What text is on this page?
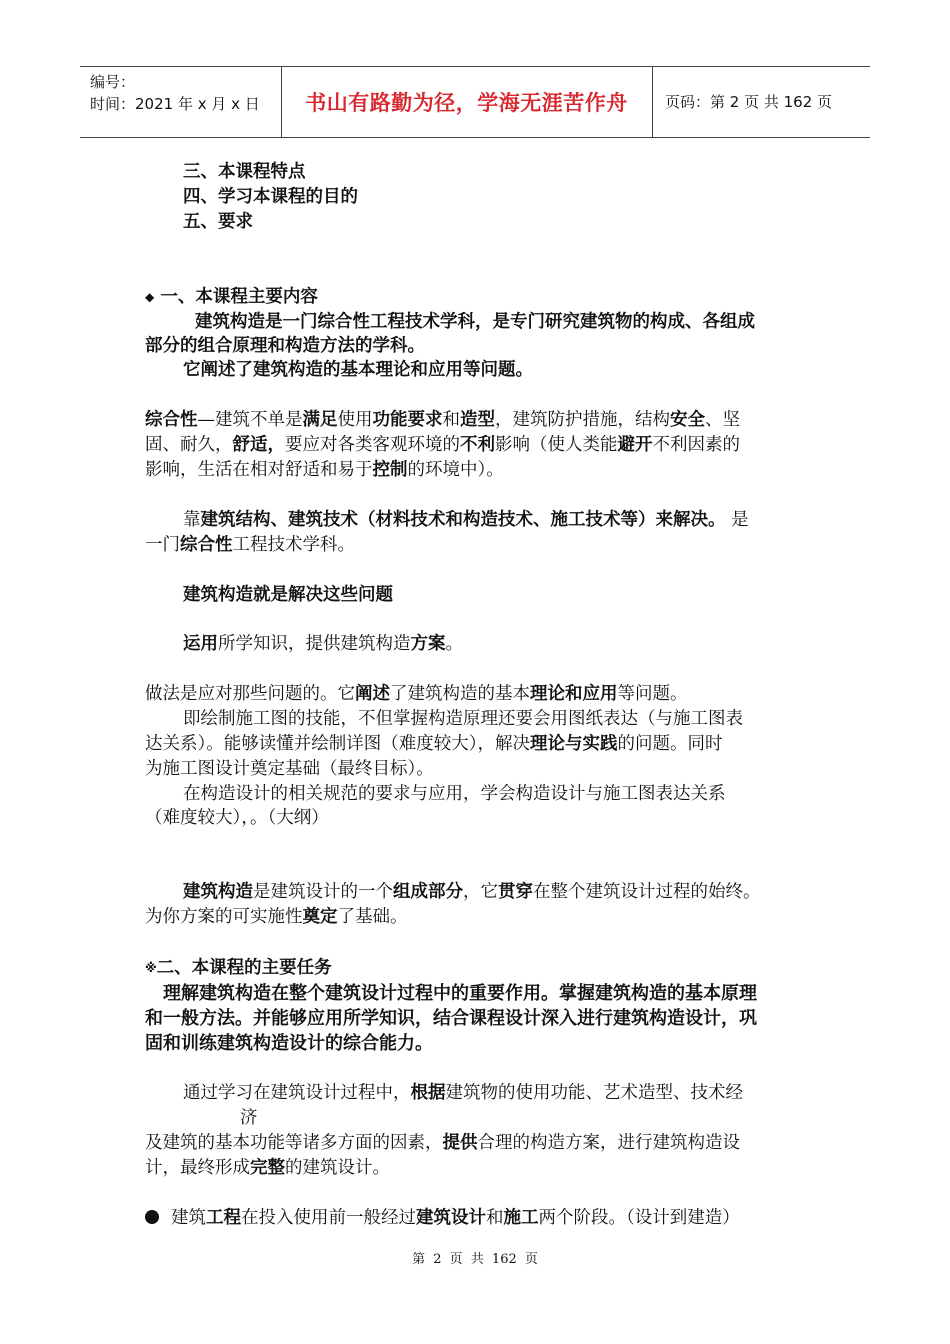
编号：
时间：2021 年 x 月 x 日	书山有路勤为径，学海无涯苦作舟	页码：第 2 页 共 162 页
三、本课程特点
四、学习本课程的目的
五、要求
◆ 一、本课程主要内容
建筑构造是一门综合性工程技术学科，是专门研究建筑物的构成、各组成
部分的组合原理和构造方法的学科。
它阐述了建筑构造的基本理论和应用等问题。
综合性—建筑不单是满足使用功能要求和造型，建筑防护措施，结构安全、坚
固、耐久，舒适，要应对各类客观环境的不利影响（使人类能避开不利因素的
影响，生活在相对舒适和易于控制的环境中）。
靠建筑结构、建筑技术（材料技术和构造技术、施工技术等）来解决。 是
一门综合性工程技术学科。
建筑构造就是解决这些问题
运用所学知识，提供建筑构造方案。
做法是应对那些问题的。它阐述了建筑构造的基本理论和应用等问题。
即绘制施工图的技能，不但掌握构造原理还要会用图纸表达（与施工图表
达关系）。能够读懂并绘制详图（难度较大），解决理论与实践的问题。同时
为施工图设计奠定基础（最终目标）。
在构造设计的相关规范的要求与应用，学会构造设计与施工图表达关系
（难度较大），。（大纲）
建筑构造是建筑设计的一个组成部分，它贯穿在整个建筑设计过程的始终。
为你方案的可实施性奠定了基础。
※二、本课程的主要任务
理解建筑构造在整个建筑设计过程中的重要作用。掌握建筑构造的基本原理
和一般方法。并能够应用所学知识，结合课程设计深入进行建筑构造设计，巩
固和训练建筑构造设计的综合能力。
通过学习在建筑设计过程中，根据建筑物的使用功能、艺术造型、技术经
济
及建筑的基本功能等诸多方面的因素，提供合理的构造方案，进行建筑构造设
计，最终形成完整的建筑设计。
建筑工程在投入使用前一般经过建筑设计和施工两个阶段。（设计到建造）
第 2 页 共 162 页
